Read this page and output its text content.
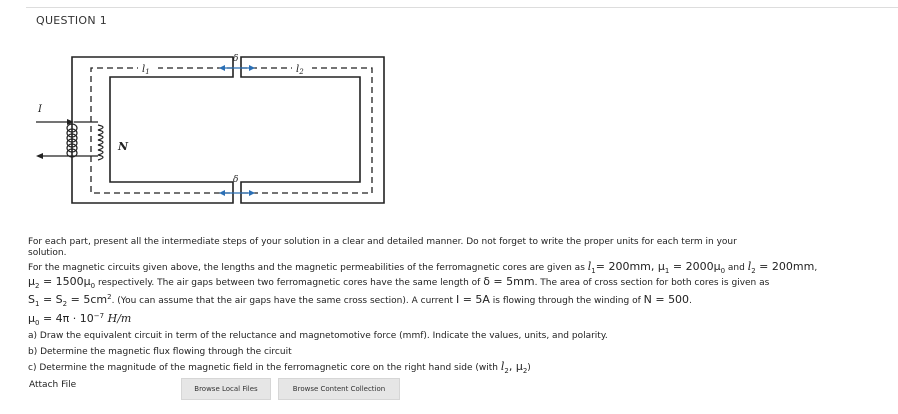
QUESTION 1
$l_1$	$l_2$
δ
δ
I
N
For each part, present all the intermediate steps of your solution in a clear and detailed manner. Do not forget to write the proper units for each term in your
solution.
For the magnetic circuits given above, the lengths and the magnetic permeabilities of the ferromagnetic cores are given as $l_1= 200mm$, $\mu_1 = 2000\mu_0$ and $l_2 = 200mm$,
$\mu_2 = 1500\mu_0$ respectively. The air gaps between two ferromagnetic cores have the same length of δ = 5mm. The area of cross section for both cores is given as
$S_1 = S_2 = 5cm^2$. (You can assume that the air gaps have the same cross section). A current I = 5A is flowing through the winding of N = 500.
$\mu_0 = 4\pi \cdot 10^{-7}$ H/m
a) Draw the equivalent circuit in term of the reluctance and magnetomotive force (mmf). Indicate the values, units, and polarity.
b) Determine the magnetic flux flowing through the circuit
c) Determine the magnitude of the magnetic field in the ferromagnetic core on the right hand side (with $l_2$, $\mu_2$)
Attach File	Browse Local Files	Browse Content Collection
